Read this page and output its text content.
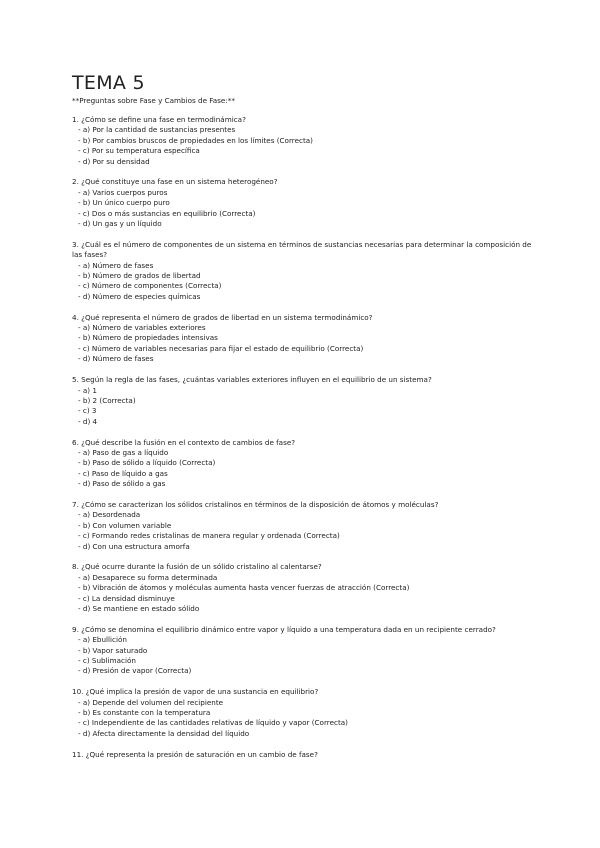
TEMA 5
**Preguntas sobre Fase y Cambios de Fase:**

1. ¿Cómo se define una fase en termodinámica?

- a) Por la cantidad de sustancias presentes

- b) Por cambios bruscos de propiedades en los límites (Correcta)

- c) Por su temperatura específica

- d) Por su densidad

2. ¿Qué constituye una fase en un sistema heterogéneo?

- a) Varios cuerpos puros

- b) Un único cuerpo puro

- c) Dos o más sustancias en equilibrio (Correcta)

- d) Un gas y un líquido

3. ¿Cuál es el número de componentes de un sistema en términos de sustancias necesarias para determinar la composición de las fases?

- a) Número de fases

- b) Número de grados de libertad

- c) Número de componentes (Correcta)

- d) Número de especies químicas

4. ¿Qué representa el número de grados de libertad en un sistema termodinámico?

- a) Número de variables exteriores

- b) Número de propiedades intensivas

- c) Número de variables necesarias para fijar el estado de equilibrio (Correcta)

- d) Número de fases

5. Según la regla de las fases, ¿cuántas variables exteriores influyen en el equilibrio de un sistema?

- a) 1

- b) 2 (Correcta)

- c) 3

- d) 4

6. ¿Qué describe la fusión en el contexto de cambios de fase?

- a) Paso de gas a líquido

- b) Paso de sólido a líquido (Correcta)

- c) Paso de líquido a gas

- d) Paso de sólido a gas

7. ¿Cómo se caracterizan los sólidos cristalinos en términos de la disposición de átomos y moléculas?

- a) Desordenada

- b) Con volumen variable

- c) Formando redes cristalinas de manera regular y ordenada (Correcta)

- d) Con una estructura amorfa

8. ¿Qué ocurre durante la fusión de un sólido cristalino al calentarse?

- a) Desaparece su forma determinada

- b) Vibración de átomos y moléculas aumenta hasta vencer fuerzas de atracción (Correcta)

- c) La densidad disminuye

- d) Se mantiene en estado sólido

9. ¿Cómo se denomina el equilibrio dinámico entre vapor y líquido a una temperatura dada en un recipiente cerrado?

- a) Ebullición

- b) Vapor saturado

- c) Sublimación

- d) Presión de vapor (Correcta)

10. ¿Qué implica la presión de vapor de una sustancia en equilibrio?

- a) Depende del volumen del recipiente

- b) Es constante con la temperatura

- c) Independiente de las cantidades relativas de líquido y vapor (Correcta)

- d) Afecta directamente la densidad del líquido

11. ¿Qué representa la presión de saturación en un cambio de fase?
